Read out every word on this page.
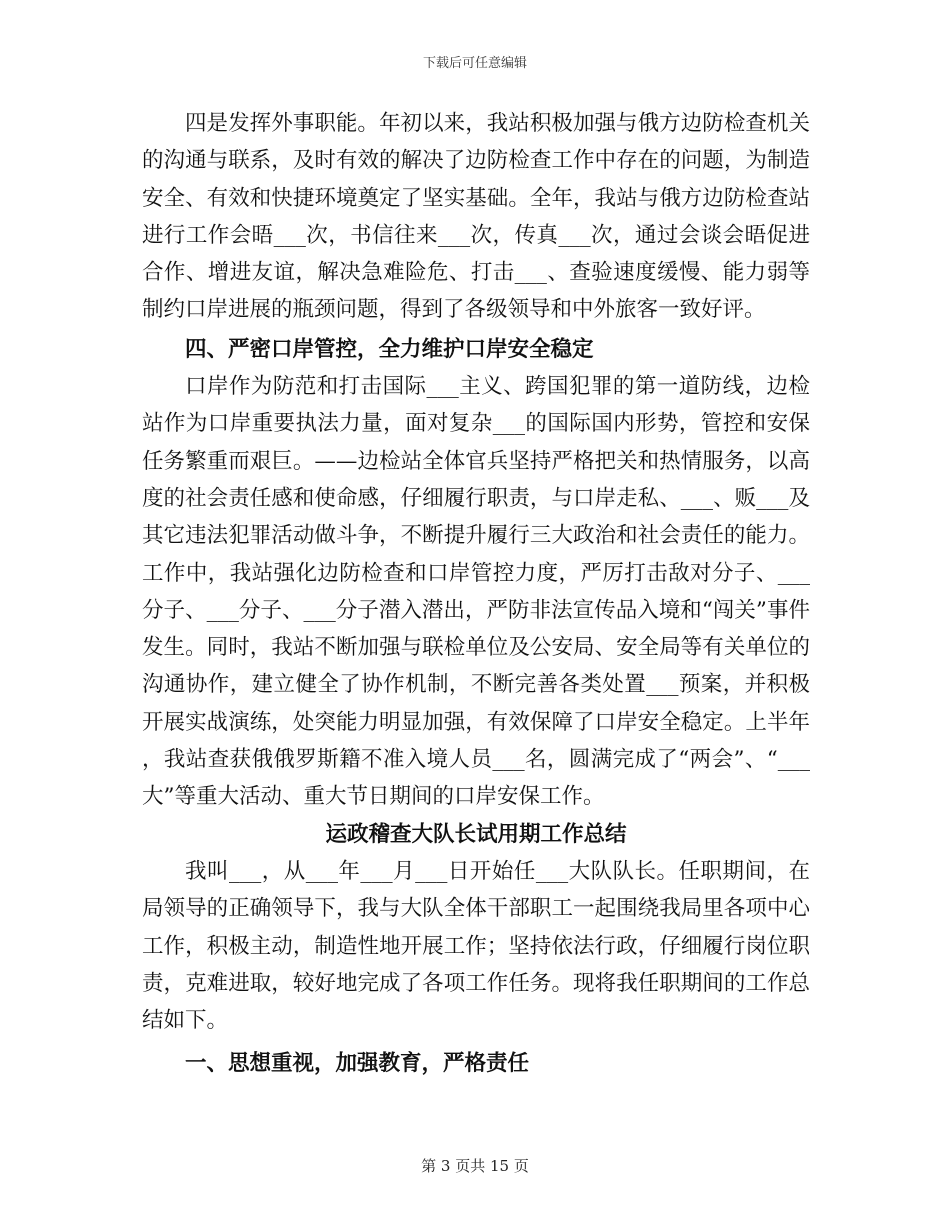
下载后可任意编辑

四是发挥外事职能。年初以来，我站积极加强与俄方边防检查机关的沟通与联系，及时有效的解决了边防检查工作中存在的问题，为制造安全、有效和快捷环境奠定了坚实基础。全年，我站与俄方边防检查站进行工作会晤___次，书信往来___次，传真___次，通过会谈会晤促进合作、增进友谊，解决急难险危、打击___、查验速度缓慢、能力弱等制约口岸进展的瓶颈问题，得到了各级领导和中外旅客一致好评。

四、严密口岸管控，全力维护口岸安全稳定

口岸作为防范和打击国际___主义、跨国犯罪的第一道防线，边检站作为口岸重要执法力量，面对复杂___的国际国内形势，管控和安保任务繁重而艰巨。——边检站全体官兵坚持严格把关和热情服务，以高度的社会责任感和使命感，仔细履行职责，与口岸走私、___、贩___及其它违法犯罪活动做斗争，不断提升履行三大政治和社会责任的能力。工作中，我站强化边防检查和口岸管控力度，严厉打击敌对分子、___分子、___分子、___分子潜入潜出，严防非法宣传品入境和“闯关”事件发生。同时，我站不断加强与联检单位及公安局、安全局等有关单位的沟通协作，建立健全了协作机制，不断完善各类处置___预案，并积极开展实战演练，处突能力明显加强，有效保障了口岸安全稳定。上半年，我站查获俄俄罗斯籍不准入境人员___名，圆满完成了“两会”、“___大”等重大活动、重大节日期间的口岸安保工作。

运政稽查大队长试用期工作总结

我叫___，从___年___月___日开始任___大队队长。任职期间，在局领导的正确领导下，我与大队全体干部职工一起围绕我局里各项中心工作，积极主动，制造性地开展工作；坚持依法行政，仔细履行岗位职责，克难进取，较好地完成了各项工作任务。现将我任职期间的工作总结如下。

一、思想重视，加强教育，严格责任

第 3 页共 15 页
